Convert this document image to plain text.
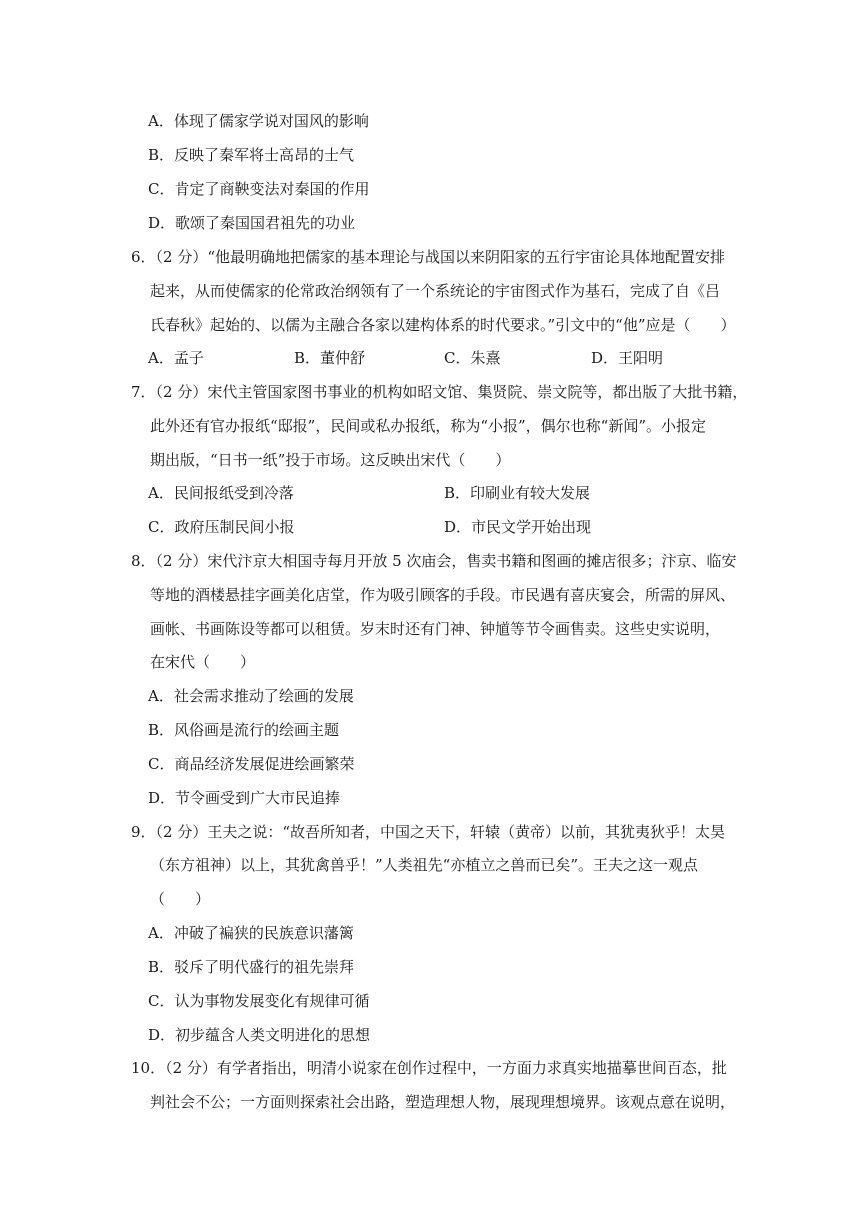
A．体现了儒家学说对国风的影响
B．反映了秦军将士高昂的士气
C．肯定了商鞅变法对秦国的作用
D．歌颂了秦国国君祖先的功业
6．（2 分）“他最明确地把儒家的基本理论与战国以来阴阳家的五行宇宙论具体地配置安排
起来，从而使儒家的伦常政治纲领有了一个系统论的宇宙图式作为基石，完成了自《吕
氏春秋》起始的、以儒为主融合各家以建构体系的时代要求。”引文中的“他”应是（　　）
A．孟子	B．董仲舒	C．朱熹	D．王阳明
7．（2 分）宋代主管国家图书事业的机构如昭文馆、集贤院、崇文院等，都出版了大批书籍，
此外还有官办报纸“邸报”，民间或私办报纸，称为“小报”，偶尔也称“新闻”。小报定
期出版，“日书一纸”投于市场。这反映出宋代（　　）
A．民间报纸受到冷落	B．印刷业有较大发展
C．政府压制民间小报	D．市民文学开始出现
8．（2 分）宋代汴京大相国寺每月开放 5 次庙会，售卖书籍和图画的摊店很多；汴京、临安
等地的酒楼悬挂字画美化店堂，作为吸引顾客的手段。市民遇有喜庆宴会，所需的屏风、
画帐、书画陈设等都可以租赁。岁末时还有门神、钟馗等节令画售卖。这些史实说明，
在宋代（　　）
A．社会需求推动了绘画的发展
B．风俗画是流行的绘画主题
C．商品经济发展促进绘画繁荣
D．节令画受到广大市民追捧
9．（2 分）王夫之说：“故吾所知者，中国之天下，轩辕（黄帝）以前，其犹夷狄乎！太昊
（东方祖神）以上，其犹禽兽乎！”人类祖先“亦植立之兽而已矣”。王夫之这一观点
（　　）
A．冲破了褊狭的民族意识藩篱
B．驳斥了明代盛行的祖先崇拜
C．认为事物发展变化有规律可循
D．初步蕴含人类文明进化的思想
10．（2 分）有学者指出，明清小说家在创作过程中，一方面力求真实地描摹世间百态，批
判社会不公；一方面则探索社会出路，塑造理想人物，展现理想境界。该观点意在说明，
